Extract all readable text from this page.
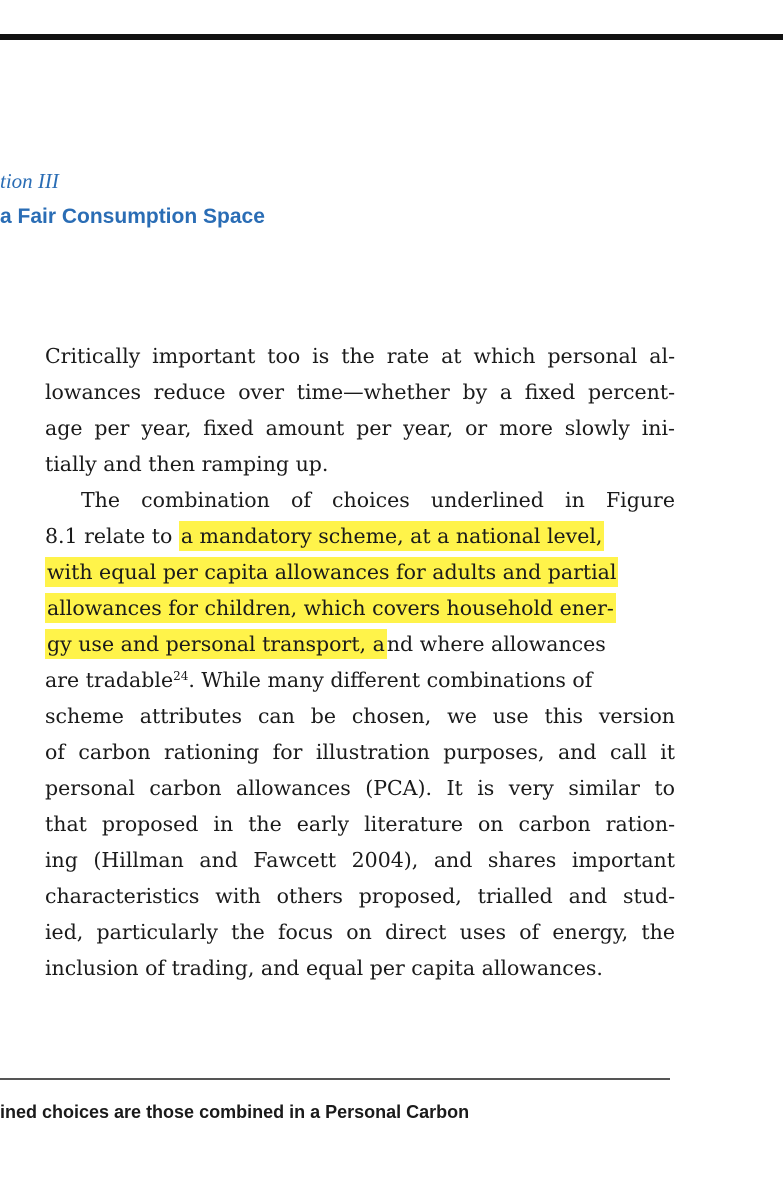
tion III
a Fair Consumption Space
Critically important too is the rate at which personal al-
lowances reduce over time—whether by a fixed percent-
age per year, fixed amount per year, or more slowly ini-
tially and then ramping up.
The combination of choices underlined in Figure
8.1 relate to a mandatory scheme, at a national level,
with equal per capita allowances for adults and partial
allowances for children, which covers household ener-
gy use and personal transport, and where allowances
are tradable$^{24}$. While many different combinations of
scheme attributes can be chosen, we use this version
of carbon rationing for illustration purposes, and call it
personal carbon allowances (PCA). It is very similar to
that proposed in the early literature on carbon ration-
ing (Hillman and Fawcett 2004), and shares important
characteristics with others proposed, trialled and stud-
ied, particularly the focus on direct uses of energy, the
inclusion of trading, and equal per capita allowances.
ined choices are those combined in a Personal Carbon
